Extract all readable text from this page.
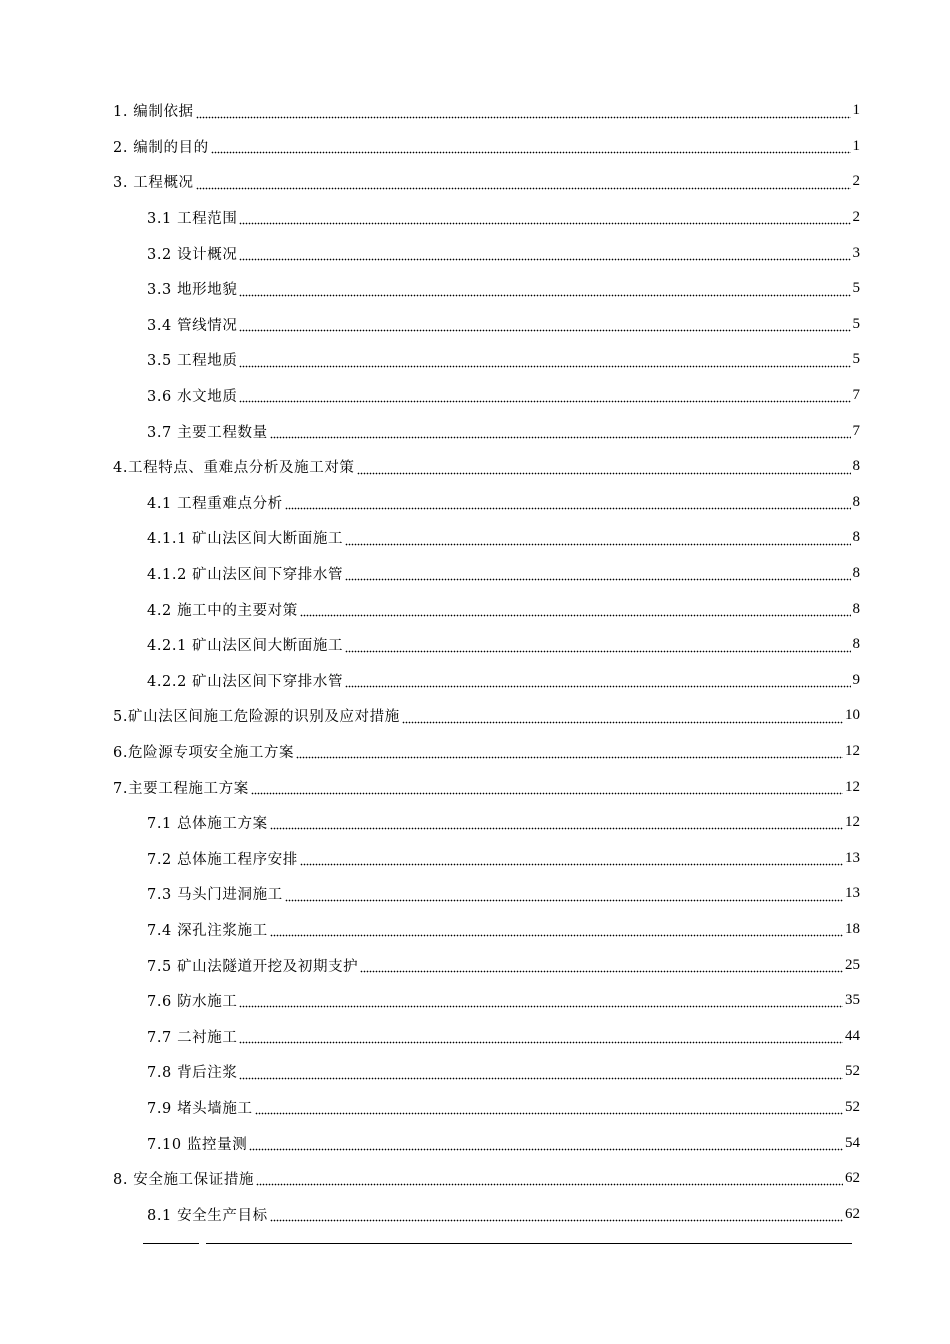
1. 编制依据	1
2. 编制的目的	1
3. 工程概况	2
3.1 工程范围	2
3.2 设计概况	3
3.3 地形地貌	5
3.4 管线情况	5
3.5 工程地质	5
3.6 水文地质	7
3.7 主要工程数量	7
4.工程特点、重难点分析及施工对策	8
4.1 工程重难点分析	8
4.1.1 矿山法区间大断面施工	8
4.1.2 矿山法区间下穿排水管	8
4.2 施工中的主要对策	8
4.2.1 矿山法区间大断面施工	8
4.2.2 矿山法区间下穿排水管	9
5.矿山法区间施工危险源的识别及应对措施	10
6.危险源专项安全施工方案	12
7.主要工程施工方案	12
7.1 总体施工方案	12
7.2 总体施工程序安排	13
7.3 马头门进洞施工	13
7.4 深孔注浆施工	18
7.5 矿山法隧道开挖及初期支护	25
7.6 防水施工	35
7.7 二衬施工	44
7.8 背后注浆	52
7.9 堵头墙施工	52
7.10 监控量测	54
8. 安全施工保证措施	62
8.1 安全生产目标	62
